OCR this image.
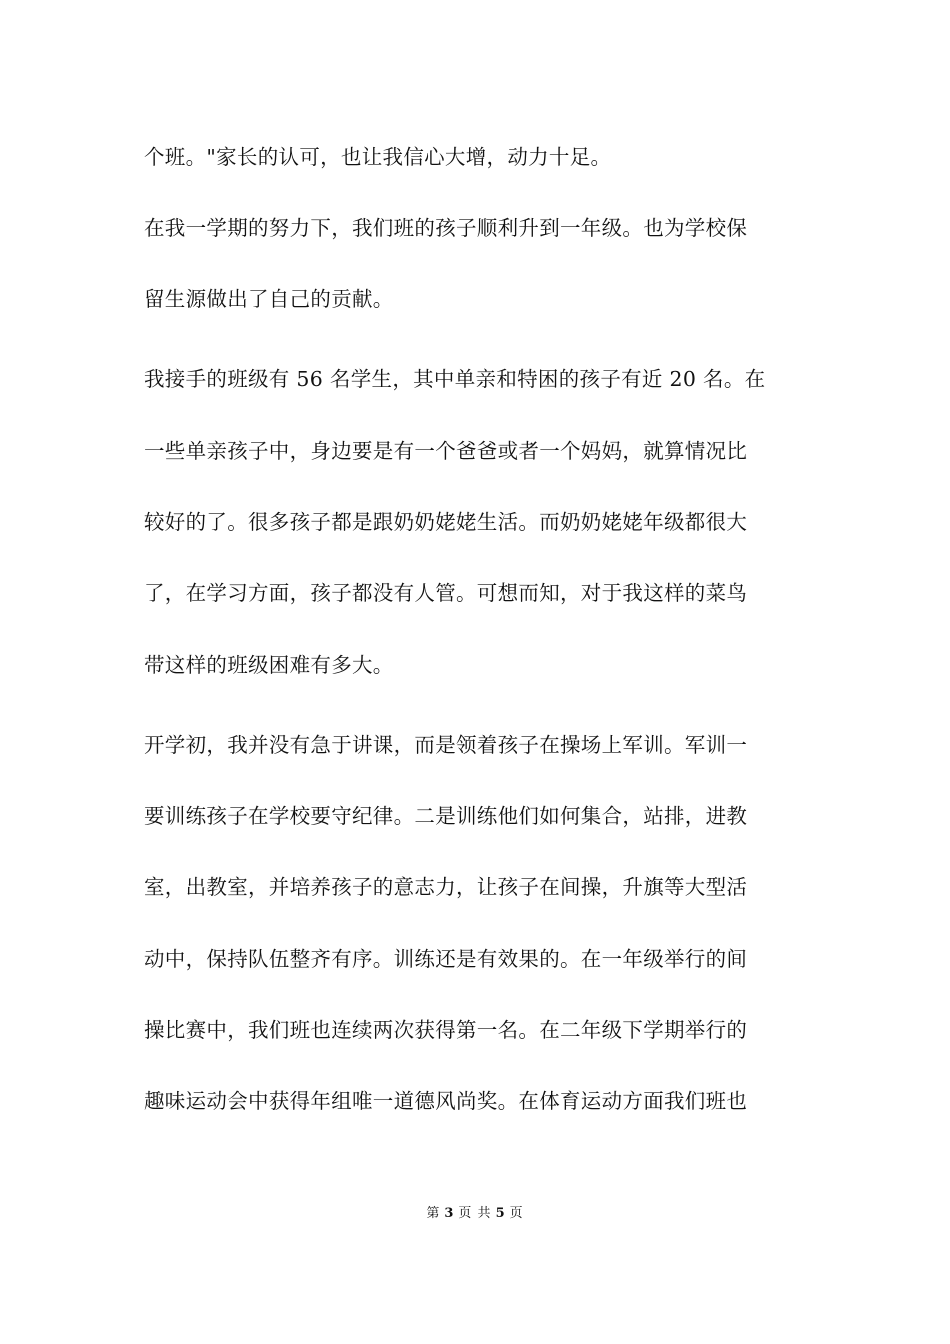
个班。"家长的认可，也让我信心大增，动力十足。
在我一学期的努力下，我们班的孩子顺利升到一年级。也为学校保
留生源做出了自己的贡献。
我接手的班级有 56 名学生，其中单亲和特困的孩子有近 20 名。在
一些单亲孩子中，身边要是有一个爸爸或者一个妈妈，就算情况比
较好的了。很多孩子都是跟奶奶姥姥生活。而奶奶姥姥年级都很大
了，在学习方面，孩子都没有人管。可想而知，对于我这样的菜鸟
带这样的班级困难有多大。
开学初，我并没有急于讲课，而是领着孩子在操场上军训。军训一
要训练孩子在学校要守纪律。二是训练他们如何集合，站排，进教
室，出教室，并培养孩子的意志力，让孩子在间操，升旗等大型活
动中，保持队伍整齐有序。训练还是有效果的。在一年级举行的间
操比赛中，我们班也连续两次获得第一名。在二年级下学期举行的
趣味运动会中获得年组唯一道德风尚奖。在体育运动方面我们班也
第 3 页 共 5 页
